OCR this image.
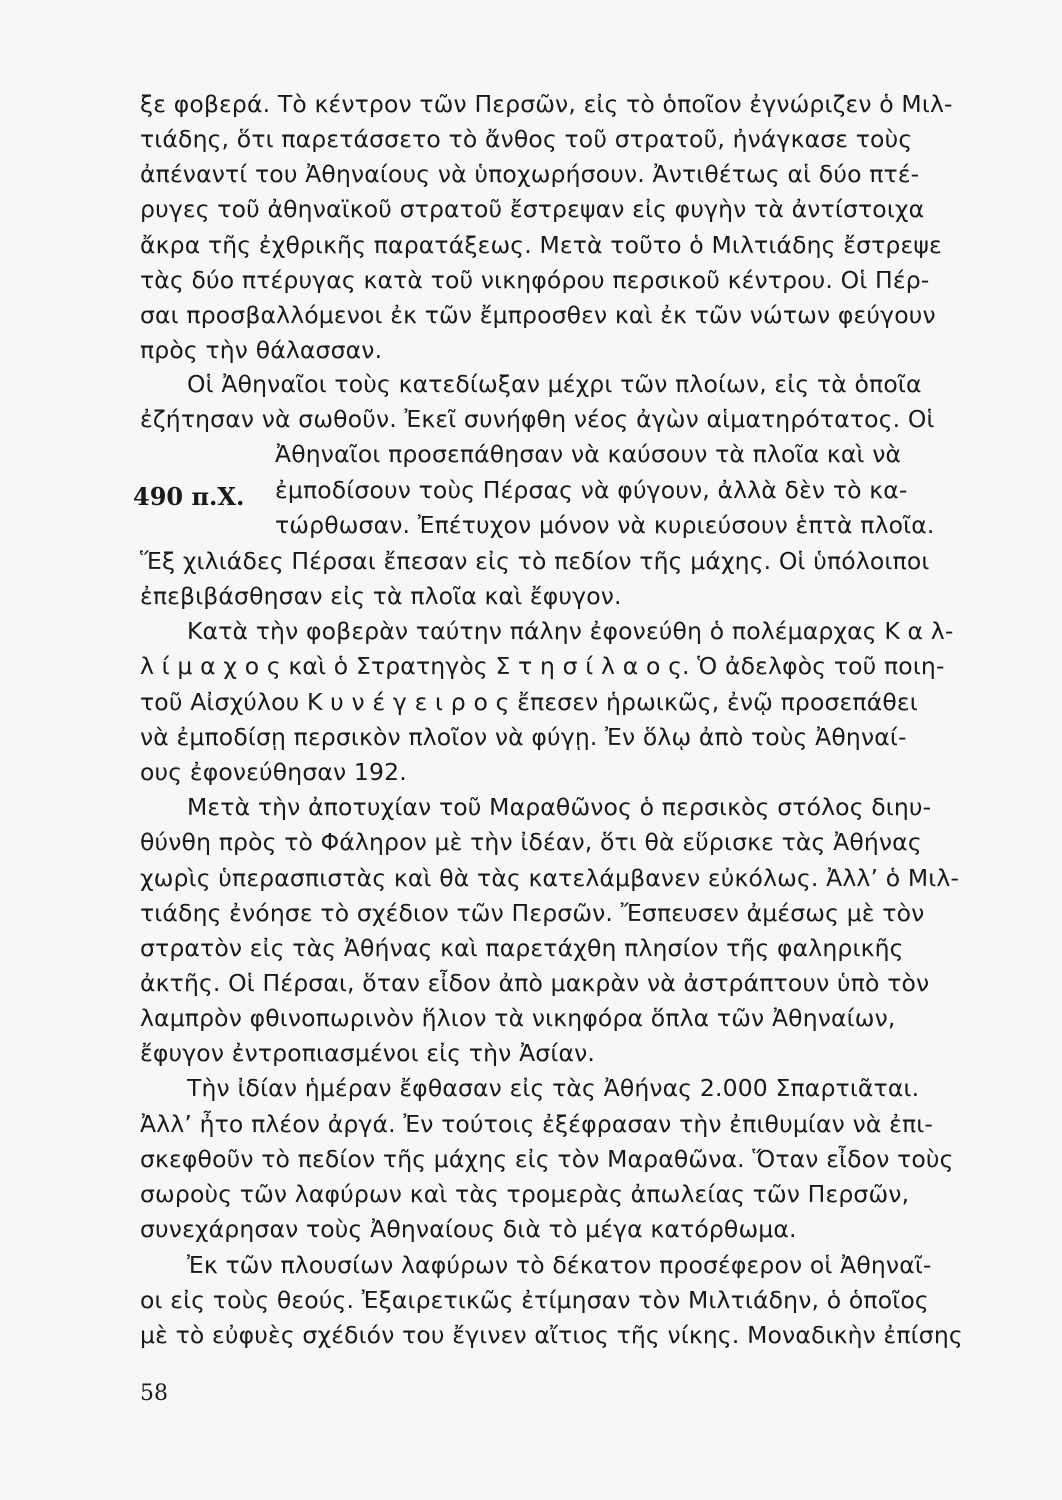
ξε φοβερά. Τὸ κέντρον τῶν Περσῶν, εἰς τὸ ὁποῖον ἐγνώριζεν ὁ Μιλ-
τιάδης, ὅτι παρετάσσετο τὸ ἄνθος τοῦ στρατοῦ, ἠνάγκασε τοὺς
ἀπέναντί του Ἀθηναίους νὰ ὑποχωρήσουν. Ἀντιθέτως αἱ δύο πτέ-
ρυγες τοῦ ἀθηναϊκοῦ στρατοῦ ἔστρεψαν εἰς φυγὴν τὰ ἀντίστοιχα
ἄκρα τῆς ἐχθρικῆς παρατάξεως. Μετὰ τοῦτο ὁ Μιλτιάδης ἔστρεψε
τὰς δύο πτέρυγας κατὰ τοῦ νικηφόρου περσικοῦ κέντρου. Οἱ Πέρ-
σαι προσβαλλόμενοι ἐκ τῶν ἔμπροσθεν καὶ ἐκ τῶν νώτων φεύγουν
πρὸς τὴν θάλασσαν.
Οἱ Ἀθηναῖοι τοὺς κατεδίωξαν μέχρι τῶν πλοίων, εἰς τὰ ὁποῖα
ἐζήτησαν νὰ σωθοῦν. Ἐκεῖ συνήφθη νέος ἀγὼν αἱματηρότατος. Οἱ
Ἀθηναῖοι προσεπάθησαν νὰ καύσουν τὰ πλοῖα καὶ νὰ
490 π.Χ. ἐμποδίσουν τοὺς Πέρσας νὰ φύγουν, ἀλλὰ δὲν τὸ κα-
τώρθωσαν. Ἐπέτυχον μόνον νὰ κυριεύσουν ἑπτὰ πλοῖα.
Ἕξ χιλιάδες Πέρσαι ἔπεσαν εἰς τὸ πεδίον τῆς μάχης. Οἱ ὑπόλοιποι
ἐπεβιβάσθησαν εἰς τὰ πλοῖα καὶ ἔφυγον.
Κατὰ τὴν φοβερὰν ταύτην πάλην ἐφονεύθη ὁ πολέμαρχας Κ α λ-
λ ί μ α χ ο ς καὶ ὁ Στρατηγὸς Σ τ η σ ί λ α ο ς. Ὁ ἀδελφὸς τοῦ ποιη-
τοῦ Αἰσχύλου Κ υ ν έ γ ε ι ρ ο ς ἔπεσεν ἡρωικῶς, ἐνῷ προσεπάθει
νὰ ἐμποδίσῃ περσικὸν πλοῖον νὰ φύγῃ. Ἐν ὅλῳ ἀπὸ τοὺς Ἀθηναί-
ους ἐφονεύθησαν 192.
Μετὰ τὴν ἀποτυχίαν τοῦ Μαραθῶνος ὁ περσικὸς στόλος διηυ-
θύνθη πρὸς τὸ Φάληρον μὲ τὴν ἰδέαν, ὅτι θὰ εὕρισκε τὰς Ἀθήνας
χωρὶς ὑπερασπιστὰς καὶ θὰ τὰς κατελάμβανεν εὐκόλως. Ἀλλ’ ὁ Μιλ-
τιάδης ἐνόησε τὸ σχέδιον τῶν Περσῶν. Ἔσπευσεν ἀμέσως μὲ τὸν
στρατὸν εἰς τὰς Ἀθήνας καὶ παρετάχθη πλησίον τῆς φαληρικῆς
ἀκτῆς. Οἱ Πέρσαι, ὅταν εἶδον ἀπὸ μακρὰν νὰ ἀστράπτουν ὑπὸ τὸν
λαμπρὸν φθινοπωρινὸν ἥλιον τὰ νικηφόρα ὅπλα τῶν Ἀθηναίων,
ἔφυγον ἐντροπιασμένοι εἰς τὴν Ἀσίαν.
Τὴν ἰδίαν ἡμέραν ἔφθασαν εἰς τὰς Ἀθήνας 2.000 Σπαρτιᾶται.
Ἀλλ’ ἦτο πλέον ἀργά. Ἐν τούτοις ἐξέφρασαν τὴν ἐπιθυμίαν νὰ ἐπι-
σκεφθοῦν τὸ πεδίον τῆς μάχης εἰς τὸν Μαραθῶνα. Ὅταν εἶδον τοὺς
σωροὺς τῶν λαφύρων καὶ τὰς τρομερὰς ἀπωλείας τῶν Περσῶν,
συνεχάρησαν τοὺς Ἀθηναίους διὰ τὸ μέγα κατόρθωμα.
Ἐκ τῶν πλουσίων λαφύρων τὸ δέκατον προσέφερον οἱ Ἀθηναῖ-
οι εἰς τοὺς θεούς. Ἐξαιρετικῶς ἐτίμησαν τὸν Μιλτιάδην, ὁ ὁποῖος
μὲ τὸ εὐφυὲς σχέδιόν του ἔγινεν αἴτιος τῆς νίκης. Μοναδικὴν ἐπίσης
58
